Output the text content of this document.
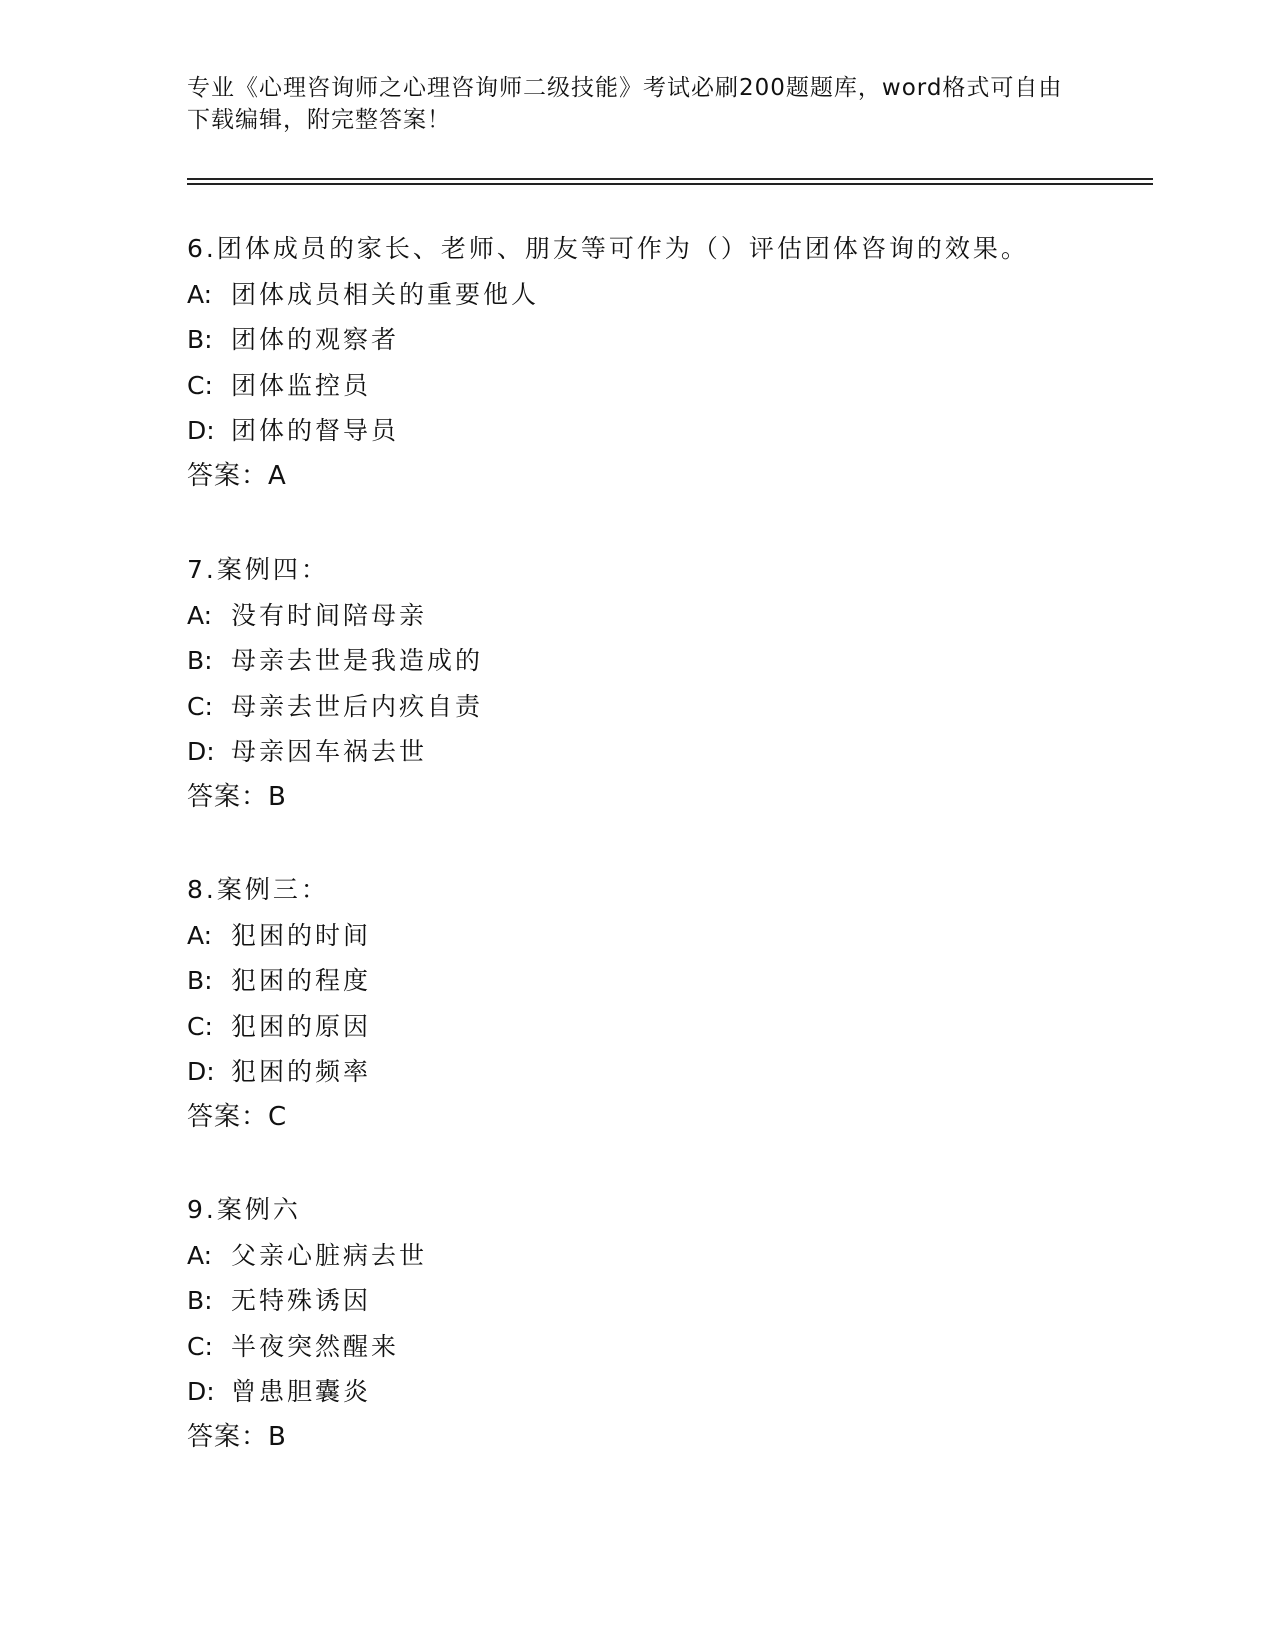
专业《心理咨询师之心理咨询师二级技能》考试必刷200题题库，word格式可自由下载编辑，附完整答案！
6.团体成员的家长、老师、朋友等可作为（）评估团体咨询的效果。
A: 团体成员相关的重要他人
B: 团体的观察者
C: 团体监控员
D: 团体的督导员
答案：A
7.案例四：
A: 没有时间陪母亲
B: 母亲去世是我造成的
C: 母亲去世后内疚自责
D: 母亲因车祸去世
答案：B
8.案例三：
A: 犯困的时间
B: 犯困的程度
C: 犯困的原因
D: 犯困的频率
答案：C
9.案例六
A: 父亲心脏病去世
B: 无特殊诱因
C: 半夜突然醒来
D: 曾患胆囊炎
答案：B
